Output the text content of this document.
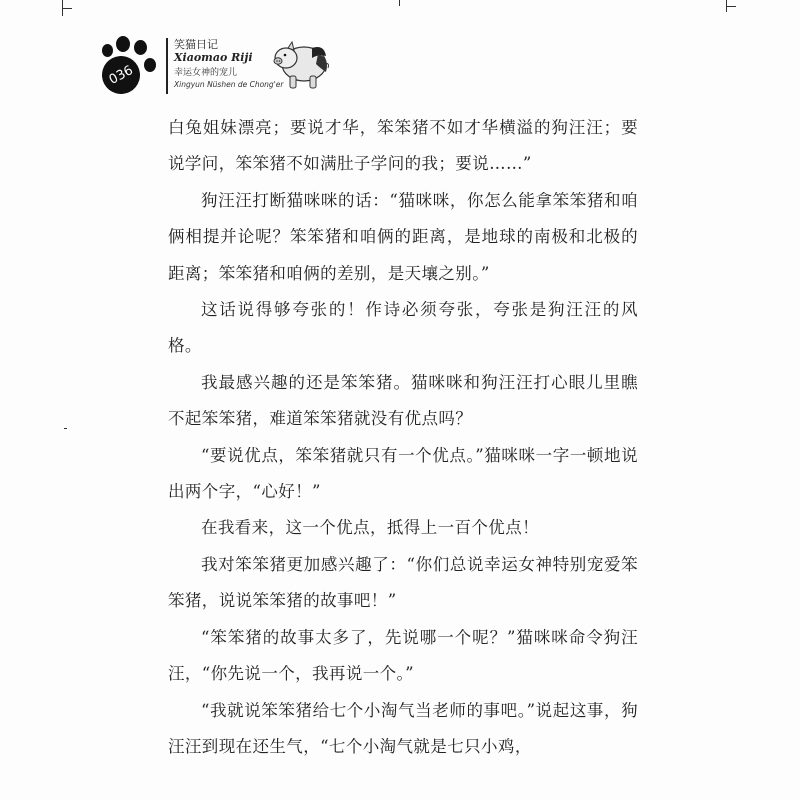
036
笑猫日记
Xiaomao Riji
幸运女神的宠儿
Xingyun Nüshen de Chong'er

白兔姐妹漂亮；要说才华，笨笨猪不如才华横溢的狗汪汪；要说学问，笨笨猪不如满肚子学问的我；要说……”

狗汪汪打断猫咪咪的话：“猫咪咪，你怎么能拿笨笨猪和咱俩相提并论呢？笨笨猪和咱俩的距离，是地球的南极和北极的距离；笨笨猪和咱俩的差别，是天壤之别。”

这话说得够夸张的！作诗必须夸张，夸张是狗汪汪的风格。

我最感兴趣的还是笨笨猪。猫咪咪和狗汪汪打心眼儿里瞧不起笨笨猪，难道笨笨猪就没有优点吗？

“要说优点，笨笨猪就只有一个优点。”猫咪咪一字一顿地说出两个字，“心好！”

在我看来，这一个优点，抵得上一百个优点！

我对笨笨猪更加感兴趣了：“你们总说幸运女神特别宠爱笨笨猪，说说笨笨猪的故事吧！”

“笨笨猪的故事太多了，先说哪一个呢？”猫咪咪命令狗汪汪，“你先说一个，我再说一个。”

“我就说笨笨猪给七个小淘气当老师的事吧。”说起这事，狗汪汪到现在还生气，“七个小淘气就是七只小鸡，
